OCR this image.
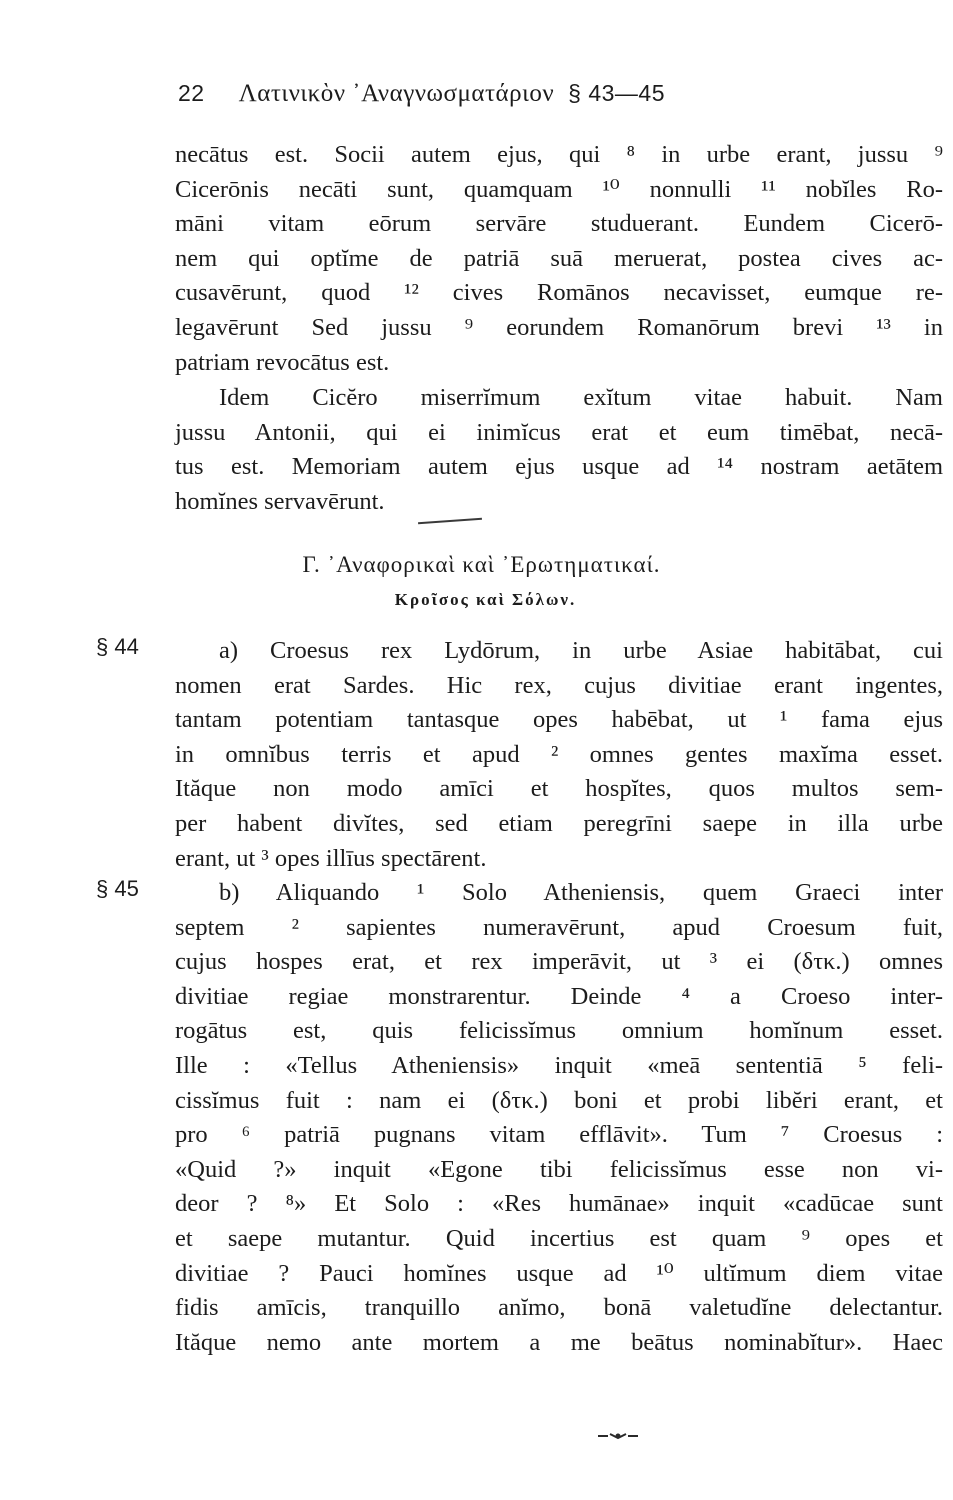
22 Λατινικὸν ᾿Αναγνωσματάριον § 43—45
necātus est. Socii autem ejus, qui ⁸ in urbe erant, jussu ⁹
Cicerōnis necāti sunt, quamquam ¹⁰ nonnulli ¹¹ nobĭles Ro-
māni vitam eōrum servāre studuerant. Eundem Cicerō-
nem qui optĭme de patriā suā meruerat, postea cives ac-
cusavērunt, quod ¹² cives Romānos necavisset, eumque re-
legavērunt Sed jussu ⁹ eorundem Romanōrum brevi ¹³ in
patriam revocātus est.
Idem Cicĕro miserrĭmum exĭtum vitae habuit. Nam
jussu Antonii, qui ei inimĭcus erat et eum timēbat, necā-
tus est. Memoriam autem ejus usque ad ¹⁴ nostram aetātem
homĭnes servavērunt.
Γ. ᾿Αναφορικαὶ καὶ ᾿Ερωτηματικαί.
Κροῖσος καὶ Σόλων.
§ 44	a) Croesus rex Lydōrum, in urbe Asiae habitābat, cui
nomen erat Sardes. Hic rex, cujus divitiae erant ingentes,
tantam potentiam tantasque opes habēbat, ut ¹ fama ejus
in omnĭbus terris et apud ² omnes gentes maxĭma esset.
Ităque non modo amīci et hospĭtes, quos multos sem-
per habent divĭtes, sed etiam peregrīni saepe in illa urbe
erant, ut ³ opes illīus spectārent.
§ 45	b) Aliquando ¹ Solo Atheniensis, quem Graeci inter
septem ² sapientes numeravērunt, apud Croesum fuit,
cujus hospes erat, et rex imperāvit, ut ³ ei (δτκ.) omnes
divitiae regiae monstrarentur. Deinde ⁴ a Croeso inter-
rogātus est, quis felicissĭmus omnium homĭnum esset.
Ille : «Tellus Atheniensis» inquit «meā sententiā ⁵ feli-
cissĭmus fuit : nam ei (δτκ.) boni et probi libĕri erant, et
pro ⁶ patriā pugnans vitam efflāvit». Tum ⁷ Croesus :
«Quid ?» inquit «Egone tibi felicissĭmus esse non vi-
deor ? ⁸» Et Solo : «Res humānae» inquit «cadūcae sunt
et saepe mutantur. Quid incertius est quam ⁹ opes et
divitiae ? Pauci homĭnes usque ad ¹⁰ ultĭmum diem vitae
fidis amīcis, tranquillo anĭmo, bonā valetudĭne delectantur.
Ităque nemo ante mortem a me beātus nominabĭtur». Haec
